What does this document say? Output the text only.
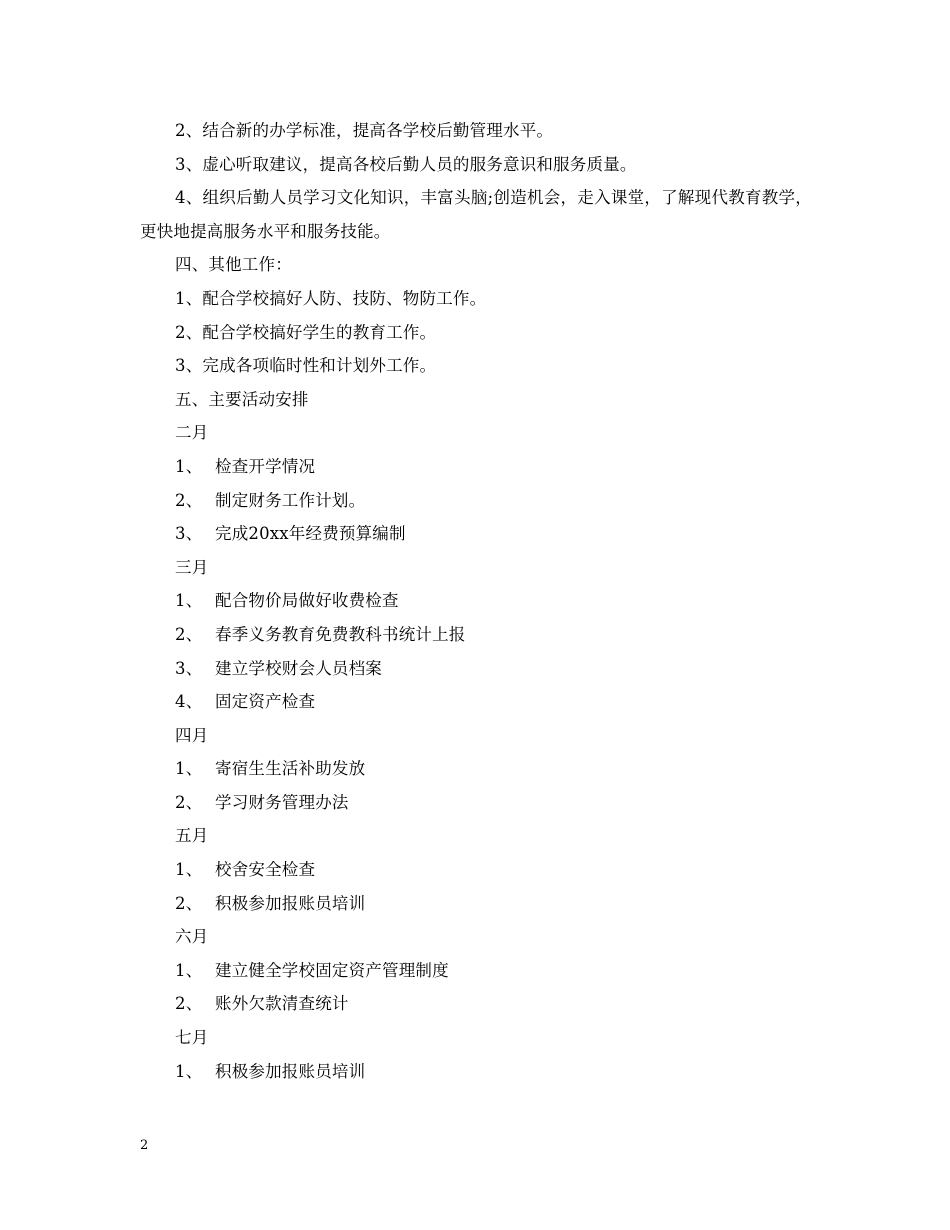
2、结合新的办学标准，提高各学校后勤管理水平。
3、虚心听取建议，提高各校后勤人员的服务意识和服务质量。
4、组织后勤人员学习文化知识，丰富头脑;创造机会，走入课堂，了解现代教育教学，更快地提高服务水平和服务技能。
四、其他工作：
1、配合学校搞好人防、技防、物防工作。
2、配合学校搞好学生的教育工作。
3、完成各项临时性和计划外工作。
五、主要活动安排
二月
1、 检查开学情况
2、 制定财务工作计划。
3、 完成20xx年经费预算编制
三月
1、 配合物价局做好收费检查
2、 春季义务教育免费教科书统计上报
3、 建立学校财会人员档案
4、 固定资产检查
四月
1、 寄宿生生活补助发放
2、 学习财务管理办法
五月
1、 校舍安全检查
2、 积极参加报账员培训
六月
1、 建立健全学校固定资产管理制度
2、 账外欠款清查统计
七月
1、 积极参加报账员培训
2
